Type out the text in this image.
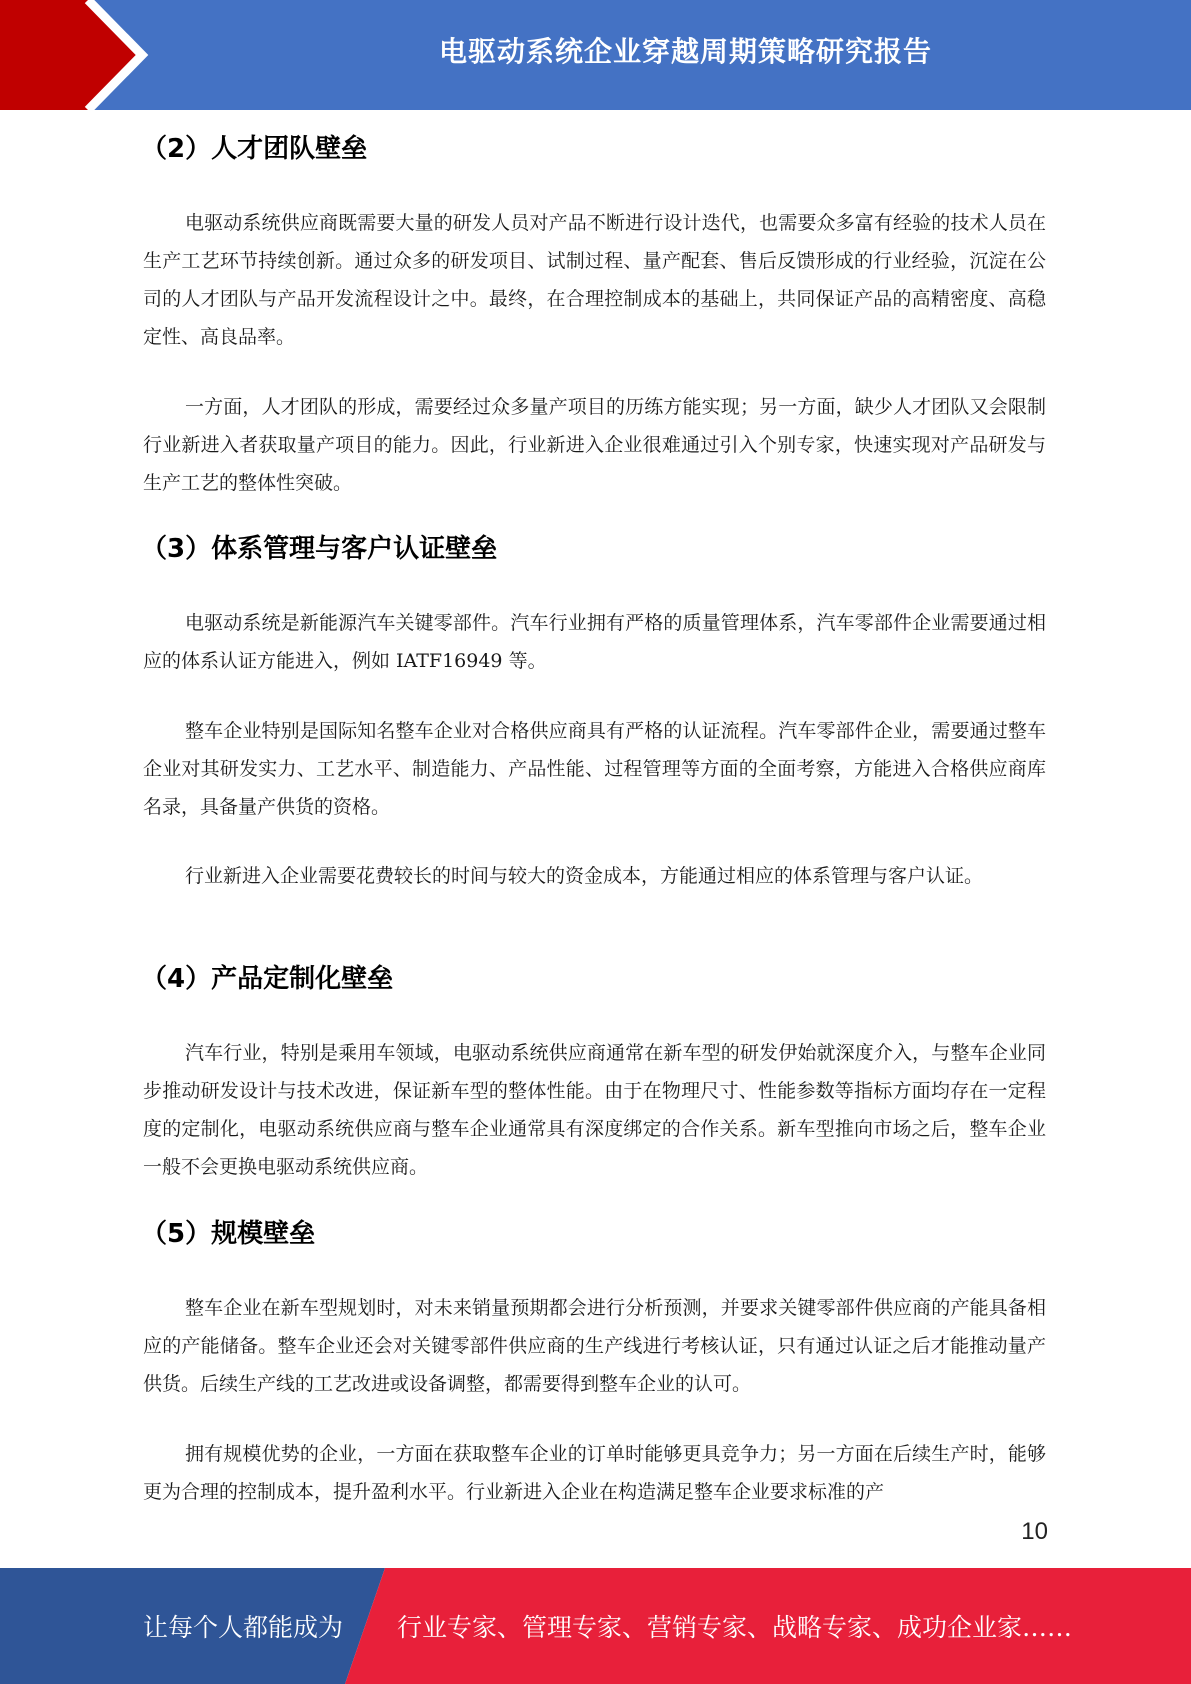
电驱动系统企业穿越周期策略研究报告
（2）人才团队壁垒

电驱动系统供应商既需要大量的研发人员对产品不断进行设计迭代，也需要众多富有经验的技术人员在生产工艺环节持续创新。通过众多的研发项目、试制过程、量产配套、售后反馈形成的行业经验，沉淀在公司的人才团队与产品开发流程设计之中。最终，在合理控制成本的基础上，共同保证产品的高精密度、高稳定性、高良品率。

一方面，人才团队的形成，需要经过众多量产项目的历练方能实现；另一方面，缺少人才团队又会限制行业新进入者获取量产项目的能力。因此，行业新进入企业很难通过引入个别专家，快速实现对产品研发与生产工艺的整体性突破。

（3）体系管理与客户认证壁垒

电驱动系统是新能源汽车关键零部件。汽车行业拥有严格的质量管理体系，汽车零部件企业需要通过相应的体系认证方能进入，例如 IATF16949 等。

整车企业特别是国际知名整车企业对合格供应商具有严格的认证流程。汽车零部件企业，需要通过整车企业对其研发实力、工艺水平、制造能力、产品性能、过程管理等方面的全面考察，方能进入合格供应商库名录，具备量产供货的资格。

行业新进入企业需要花费较长的时间与较大的资金成本，方能通过相应的体系管理与客户认证。

（4）产品定制化壁垒

汽车行业，特别是乘用车领域，电驱动系统供应商通常在新车型的研发伊始就深度介入，与整车企业同步推动研发设计与技术改进，保证新车型的整体性能。由于在物理尺寸、性能参数等指标方面均存在一定程度的定制化，电驱动系统供应商与整车企业通常具有深度绑定的合作关系。新车型推向市场之后，整车企业一般不会更换电驱动系统供应商。

（5）规模壁垒

整车企业在新车型规划时，对未来销量预期都会进行分析预测，并要求关键零部件供应商的产能具备相应的产能储备。整车企业还会对关键零部件供应商的生产线进行考核认证，只有通过认证之后才能推动量产供货。后续生产线的工艺改进或设备调整，都需要得到整车企业的认可。

拥有规模优势的企业，一方面在获取整车企业的订单时能够更具竞争力；另一方面在后续生产时，能够更为合理的控制成本，提升盈利水平。行业新进入企业在构造满足整车企业要求标准的产

10
让每个人都能成为 行业专家、管理专家、营销专家、战略专家、成功企业家……
